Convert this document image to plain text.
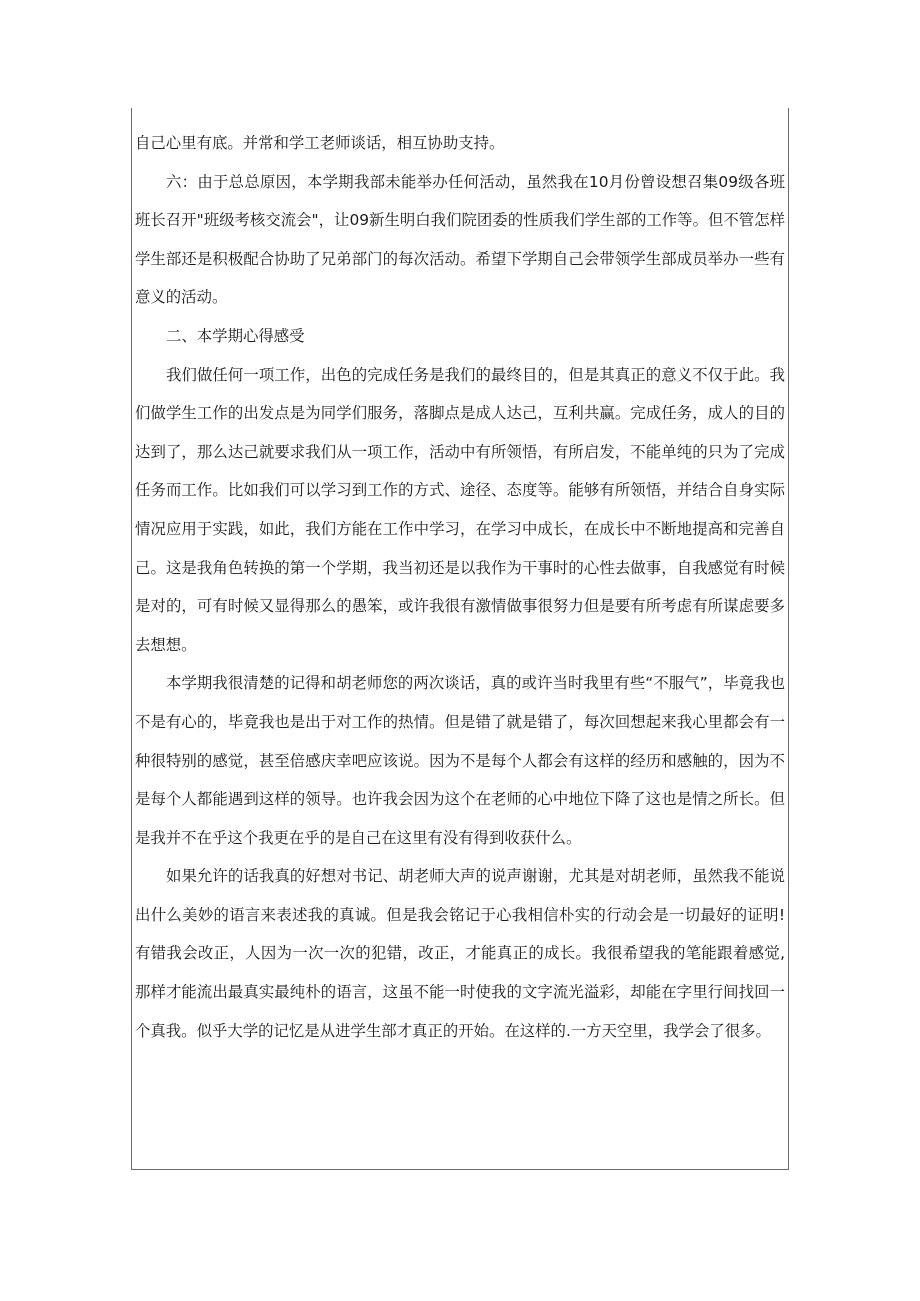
自己心里有底。并常和学工老师谈话，相互协助支持。

六：由于总总原因，本学期我部未能举办任何活动，虽然我在10月份曾设想召集09级各班班长召开"班级考核交流会"，让09新生明白我们院团委的性质我们学生部的工作等。但不管怎样学生部还是积极配合协助了兄弟部门的每次活动。希望下学期自己会带领学生部成员举办一些有意义的活动。

二、本学期心得感受

我们做任何一项工作，出色的完成任务是我们的最终目的，但是其真正的意义不仅于此。我们做学生工作的出发点是为同学们服务，落脚点是成人达己，互利共赢。完成任务，成人的目的达到了，那么达己就要求我们从一项工作，活动中有所领悟，有所启发，不能单纯的只为了完成任务而工作。比如我们可以学习到工作的方式、途径、态度等。能够有所领悟，并结合自身实际情况应用于实践，如此，我们方能在工作中学习，在学习中成长，在成长中不断地提高和完善自己。这是我角色转换的第一个学期，我当初还是以我作为干事时的心性去做事，自我感觉有时候是对的，可有时候又显得那么的愚笨，或许我很有激情做事很努力但是要有所考虑有所谋虑要多去想想。

本学期我很清楚的记得和胡老师您的两次谈话，真的或许当时我里有些“不服气”，毕竟我也不是有心的，毕竟我也是出于对工作的热情。但是错了就是错了，每次回想起来我心里都会有一种很特别的感觉，甚至倍感庆幸吧应该说。因为不是每个人都会有这样的经历和感触的，因为不是每个人都能遇到这样的领导。也许我会因为这个在老师的心中地位下降了这也是情之所长。但是我并不在乎这个我更在乎的是自己在这里有没有得到收获什么。

如果允许的话我真的好想对书记、胡老师大声的说声谢谢，尤其是对胡老师，虽然我不能说出什么美妙的语言来表述我的真诚。但是我会铭记于心我相信朴实的行动会是一切最好的证明!有错我会改正，人因为一次一次的犯错，改正，才能真正的成长。我很希望我的笔能跟着感觉,那样才能流出最真实最纯朴的语言，这虽不能一时使我的文字流光溢彩，却能在字里行间找回一个真我。似乎大学的记忆是从进学生部才真正的开始。在这样的.一方天空里，我学会了很多。
